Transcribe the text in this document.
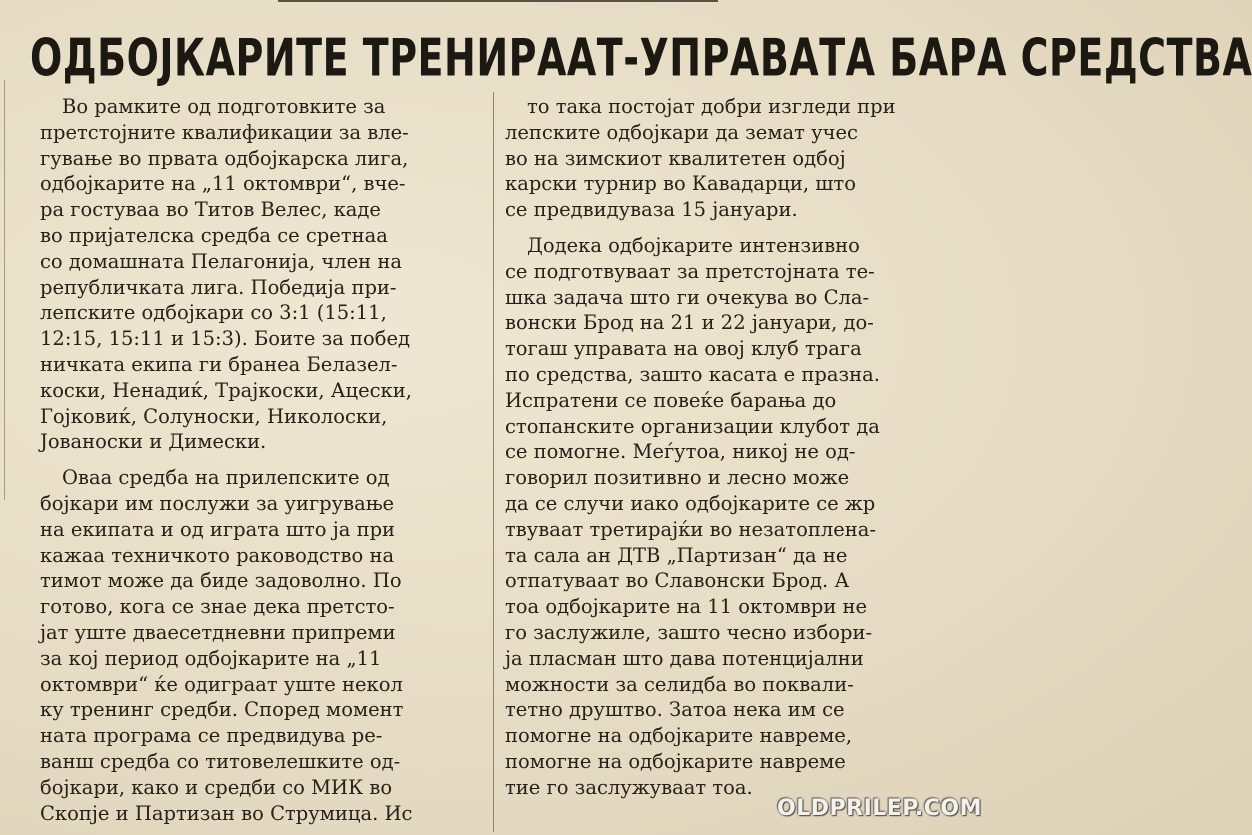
ОДБОЈКАРИТЕ ТРЕНИРААТ-УПРАВАТА БАРА СРЕДСТВА

Во рамките од подготовките за
претстојните квалификации за вле-
гување во првата одбојкарска лига,
одбојкарите на „11 октомври“, вче-
ра гостуваа во Титов Велес, каде
во пријателска средба се сретнаа
со домашната Пелагонија, член на
републичката лига. Победија при-
лепските одбојкари со 3:1 (15:11,
12:15, 15:11 и 15:3). Боите за побед
ничката екипа ги бранеа Белазел-
коски, Ненадиќ, Трајкоски, Ацески,
Гојковиќ, Солуноски, Николоски,
Јованоски и Димески.

Оваа средба на прилепските од
бојкари им послужи за уигрување
на екипата и од играта што ја при
кажаа техничкото раководство на
тимот може да биде задоволно. По
готово, кога се знае дека претсто-
јат уште дваесетдневни припреми
за кој период одбојкарите на „11
октомври“ ќе одиграат уште некол
ку тренинг средби. Според момент
ната програма се предвидува ре-
ванш средба со титовелешките од-
бојкари, како и средби со МИК во
Скопје и Партизан во Струмица. Ис

то така постојат добри изгледи при
лепските одбојкари да земат учес
во на зимскиот квалитетен одбој
карски турнир во Кавадарци, што
се предвидуваза 15 јануари.

Додека одбојкарите интензивно
се подготвуваат за претстојната те-
шка задача што ги очекува во Сла-
вонски Брод на 21 и 22 јануари, до-
тогаш управата на овој клуб трага
по средства, зашто касата е празна.
Испратени се повеќе барања до
стопанските организации клубот да
се помогне. Меѓутоа, никој не од-
говорил позитивно и лесно може
да се случи иако одбојкарите се жр
твуваат третирајќи во незатоплена-
та сала ан ДТВ „Партизан“ да не
отпатуваат во Славонски Брод. А
тоа одбојкарите на 11 октомври не
го заслужиле, зашто чесно избори-
ја пласман што дава потенцијални
можности за селидба во поквали-
тетно друштво. Затоа нека им се
помогне на одбојкарите навреме,
помогне на одбојкарите навреме
тие го заслужуваат тоа.

OLDPRILEP.COM
